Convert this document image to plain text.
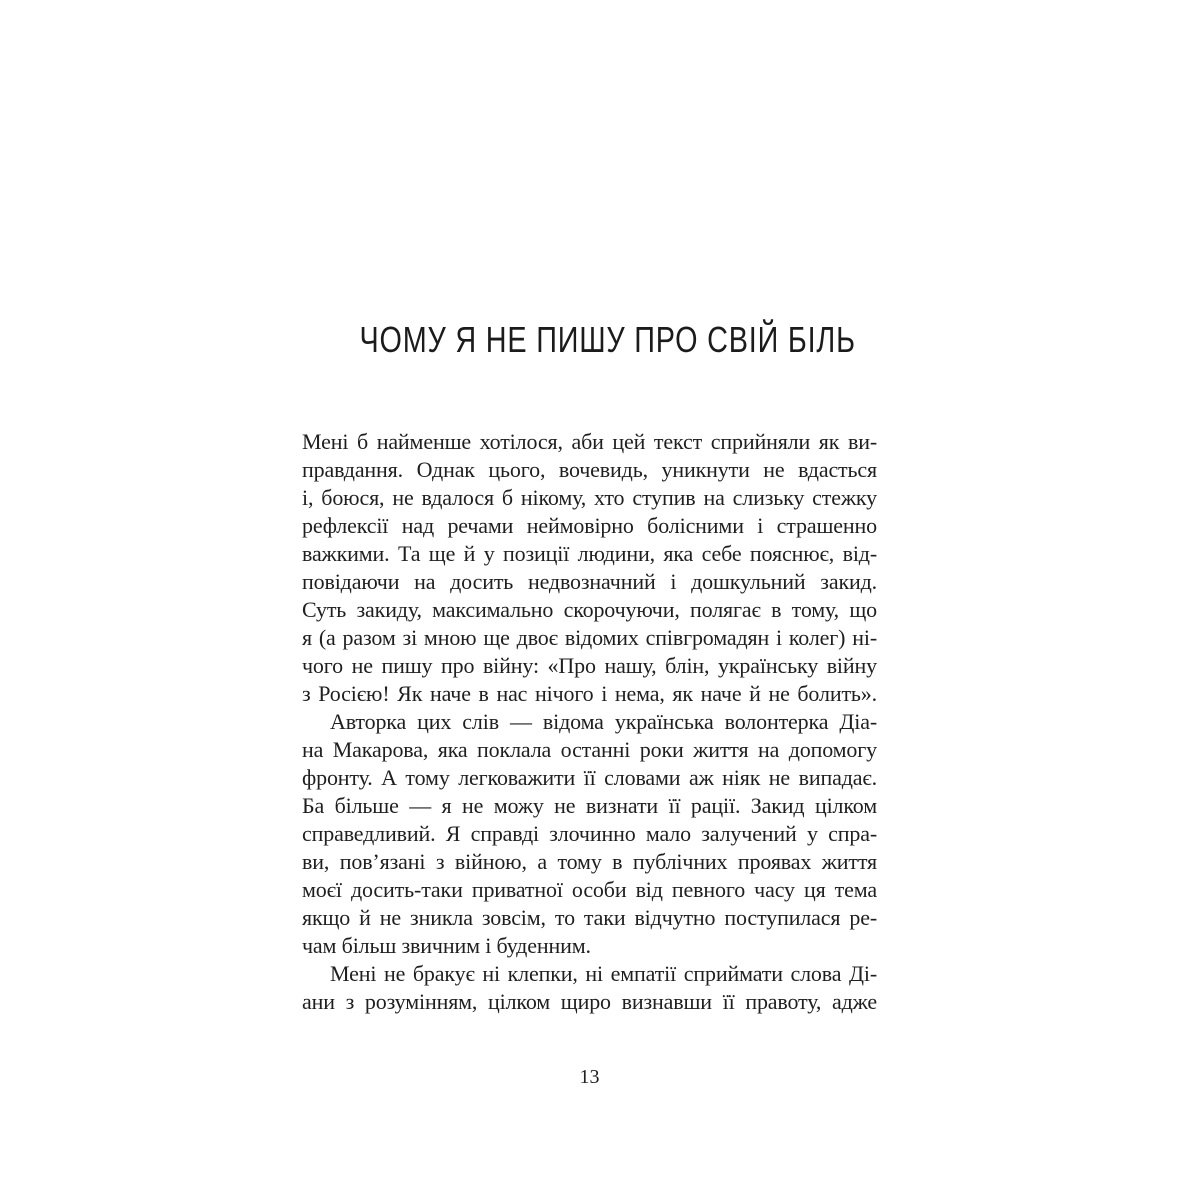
ЧОМУ Я НЕ ПИШУ ПРО СВІЙ БІЛЬ
Мені б найменше хотілося, аби цей текст сприйняли як ви-
правдання. Однак цього, вочевидь, уникнути не вдасться
і, боюся, не вдалося б нікому, хто ступив на слизьку стежку
рефлексії над речами неймовірно болісними і страшенно
важкими. Та ще й у позиції людини, яка себе пояснює, від-
повідаючи на досить недвозначний і дошкульний закид.
Суть закиду, максимально скорочуючи, полягає в тому, що
я (а разом зі мною ще двоє відомих співгромадян і колег) ні-
чого не пишу про війну: «Про нашу, блін, українську війну
з Росією! Як наче в нас нічого і нема, як наче й не болить».
Авторка цих слів — відома українська волонтерка Діа-
на Макарова, яка поклала останні роки життя на допомогу
фронту. А тому легковажити її словами аж ніяк не випадає.
Ба більше — я не можу не визнати її рації. Закид цілком
справедливий. Я справді злочинно мало залучений у спра-
ви, пов’язані з війною, а тому в публічних проявах життя
моєї досить-таки приватної особи від певного часу ця тема
якщо й не зникла зовсім, то таки відчутно поступилася ре-
чам більш звичним і буденним.
Мені не бракує ні клепки, ні емпатії сприймати слова Ді-
ани з розумінням, цілком щиро визнавши її правоту, адже
13
